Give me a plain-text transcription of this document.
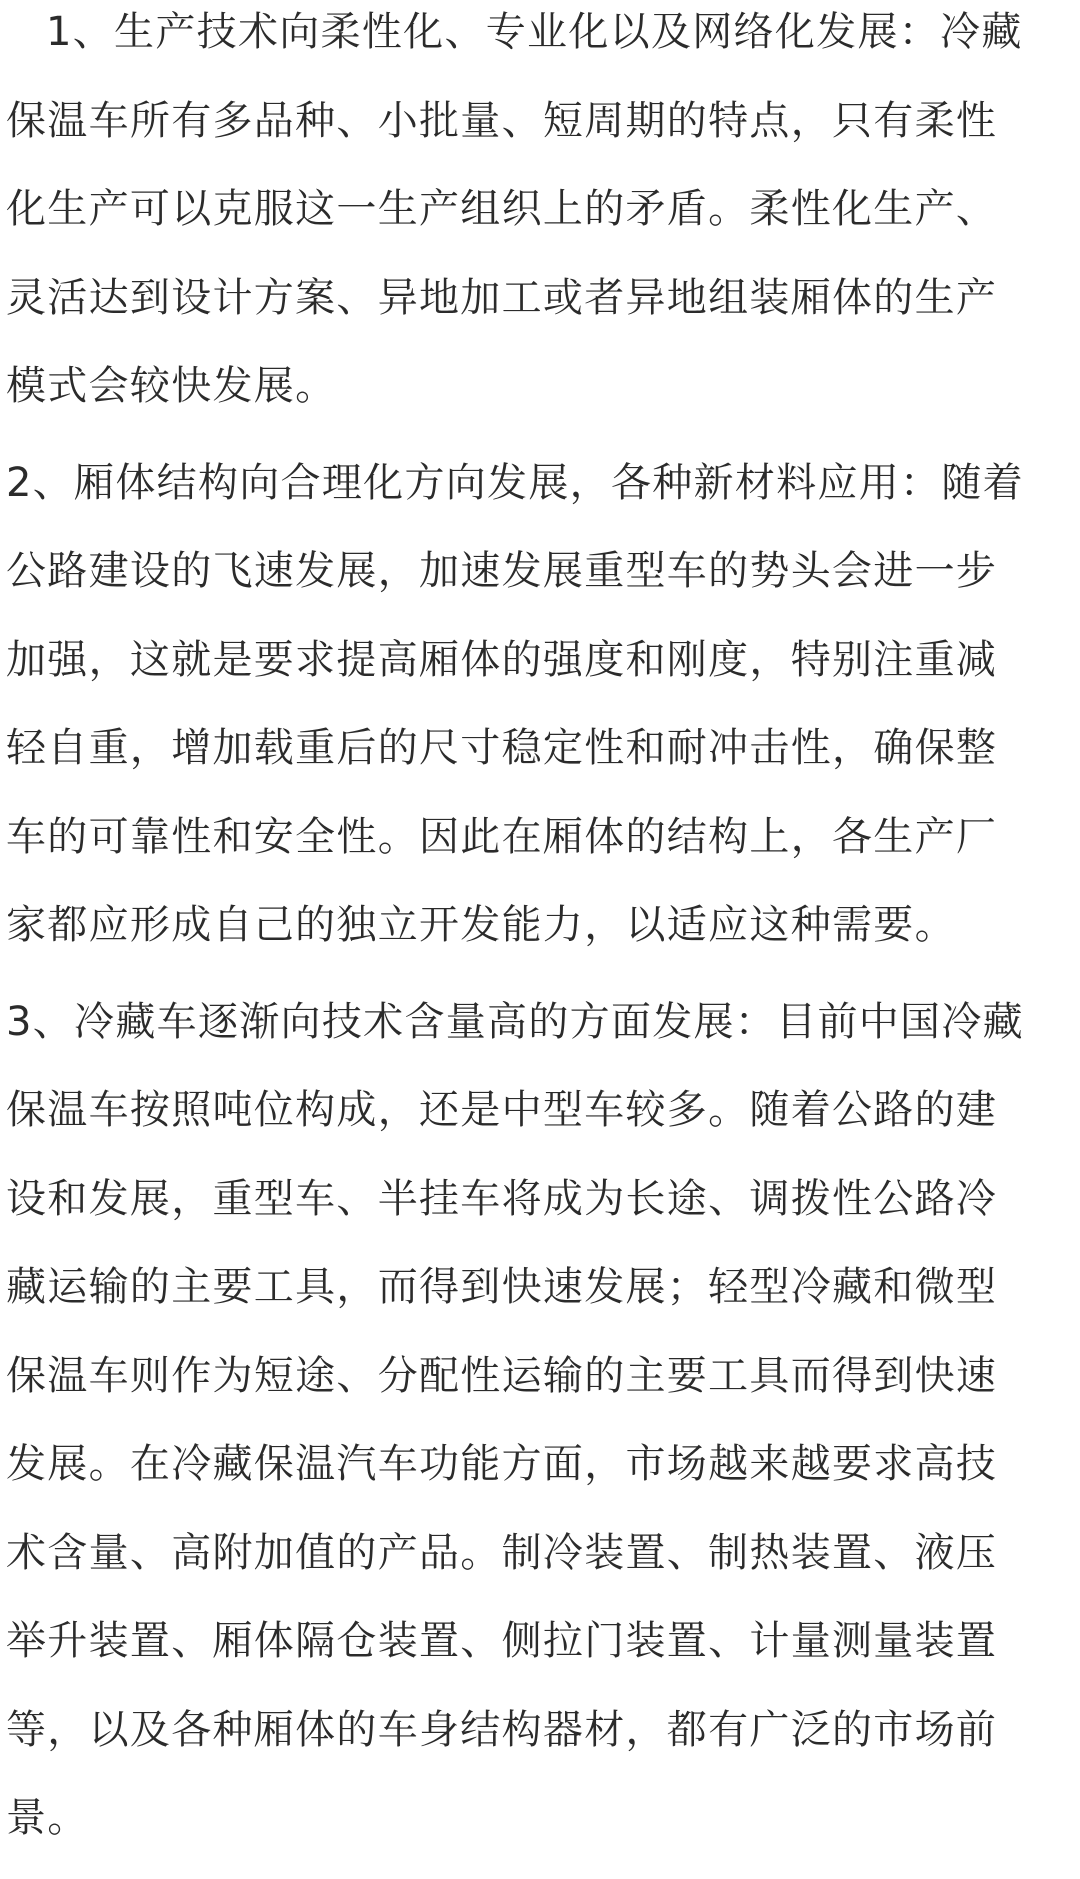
1、生产技术向柔性化、专业化以及网络化发展：冷藏
保温车所有多品种、小批量、短周期的特点，只有柔性
化生产可以克服这一生产组织上的矛盾。柔性化生产、
灵活达到设计方案、异地加工或者异地组装厢体的生产
模式会较快发展。

2、厢体结构向合理化方向发展，各种新材料应用：随着
公路建设的飞速发展，加速发展重型车的势头会进一步
加强，这就是要求提高厢体的强度和刚度，特别注重减
轻自重，增加载重后的尺寸稳定性和耐冲击性，确保整
车的可靠性和安全性。因此在厢体的结构上，各生产厂
家都应形成自己的独立开发能力，以适应这种需要。

3、冷藏车逐渐向技术含量高的方面发展：目前中国冷藏
保温车按照吨位构成，还是中型车较多。随着公路的建
设和发展，重型车、半挂车将成为长途、调拨性公路冷
藏运输的主要工具，而得到快速发展；轻型冷藏和微型
保温车则作为短途、分配性运输的主要工具而得到快速
发展。在冷藏保温汽车功能方面，市场越来越要求高技
术含量、高附加值的产品。制冷装置、制热装置、液压
举升装置、厢体隔仓装置、侧拉门装置、计量测量装置
等，以及各种厢体的车身结构器材，都有广泛的市场前
景。
